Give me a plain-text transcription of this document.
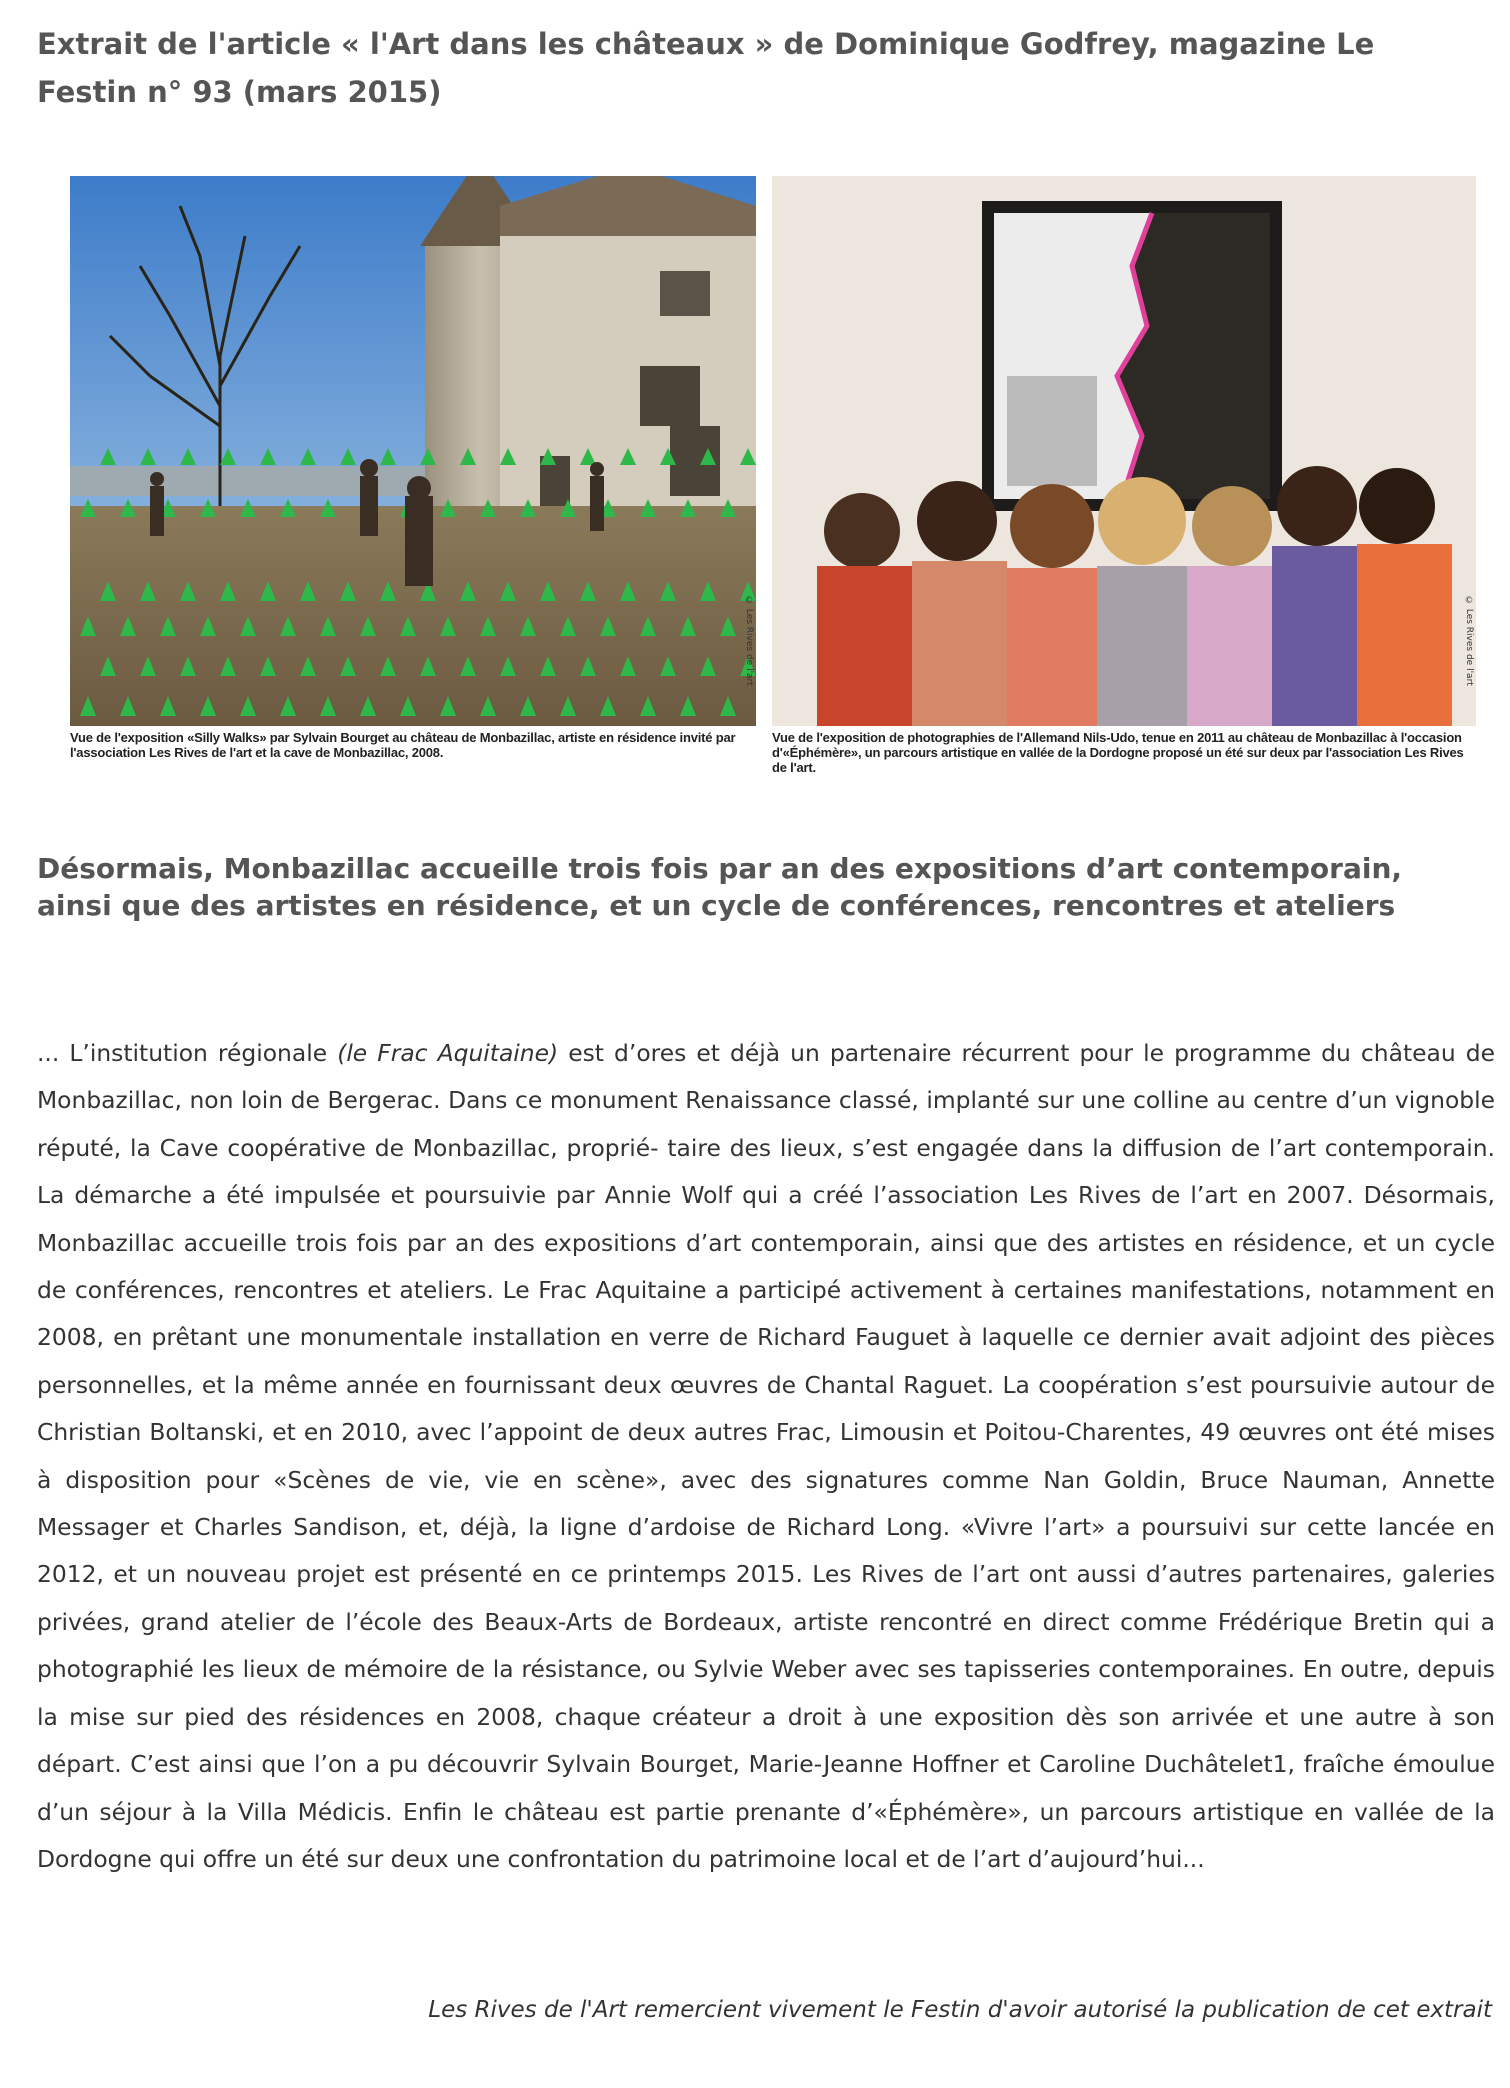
Extrait de l'article « l'Art dans les châteaux » de Dominique Godfrey, magazine Le Festin n° 93 (mars 2015)
© Les Rives de l'art
Vue de l'exposition «Silly Walks» par Sylvain Bourget au château de Monbazillac, artiste en résidence invité par l'association Les Rives de l'art et la cave de Monbazillac, 2008.
© Les Rives de l'art
Vue de l'exposition de photographies de l'Allemand Nils-Udo, tenue en 2011 au château de Monbazillac à l'occasion d'«Éphémère», un parcours artistique en vallée de la Dordogne proposé un été sur deux par l'association Les Rives de l'art.
Désormais, Monbazillac accueille trois fois par an des expositions d’art contemporain, ainsi que des artistes en résidence, et un cycle de conférences, rencontres et ateliers

... L’institution régionale (le Frac Aquitaine) est d’ores et déjà un partenaire récurrent pour le programme du château de Monbazillac, non loin de Bergerac. Dans ce monument Renaissance classé, implanté sur une colline au centre d’un vignoble réputé, la Cave coopérative de Monbazillac, proprié- taire des lieux, s’est engagée dans la diffusion de l’art contemporain. La démarche a été impulsée et poursuivie par Annie Wolf qui a créé l’association Les Rives de l’art en 2007. Désormais, Monbazillac accueille trois fois par an des expositions d’art contemporain, ainsi que des artistes en résidence, et un cycle de conférences, rencontres et ateliers. Le Frac Aquitaine a participé activement à certaines manifestations, notamment en 2008, en prêtant une monumentale installation en verre de Richard Fauguet à laquelle ce dernier avait adjoint des pièces personnelles, et la même année en fournissant deux œuvres de Chantal Raguet. La coopération s’est poursuivie autour de Christian Boltanski, et en 2010, avec l’appoint de deux autres Frac, Limousin et Poitou-Charentes, 49 œuvres ont été mises à disposition pour «Scènes de vie, vie en scène», avec des signatures comme Nan Goldin, Bruce Nauman, Annette Messager et Charles Sandison, et, déjà, la ligne d’ardoise de Richard Long. «Vivre l’art» a poursuivi sur cette lancée en 2012, et un nouveau projet est présenté en ce printemps 2015. Les Rives de l’art ont aussi d’autres partenaires, galeries privées, grand atelier de l’école des Beaux-Arts de Bordeaux, artiste rencontré en direct comme Frédérique Bretin qui a photographié les lieux de mémoire de la résistance, ou Sylvie Weber avec ses tapisseries contemporaines. En outre, depuis la mise sur pied des résidences en 2008, chaque créateur a droit à une exposition dès son arrivée et une autre à son départ. C’est ainsi que l’on a pu découvrir Sylvain Bourget, Marie-Jeanne Hoffner et Caroline Duchâtelet1, fraîche émoulue d’un séjour à la Villa Médicis. Enfin le château est partie prenante d’«Éphémère», un parcours artistique en vallée de la Dordogne qui offre un été sur deux une confrontation du patrimoine local et de l’art d’aujourd’hui...

Les Rives de l'Art remercient vivement le Festin d'avoir autorisé la publication de cet extrait
